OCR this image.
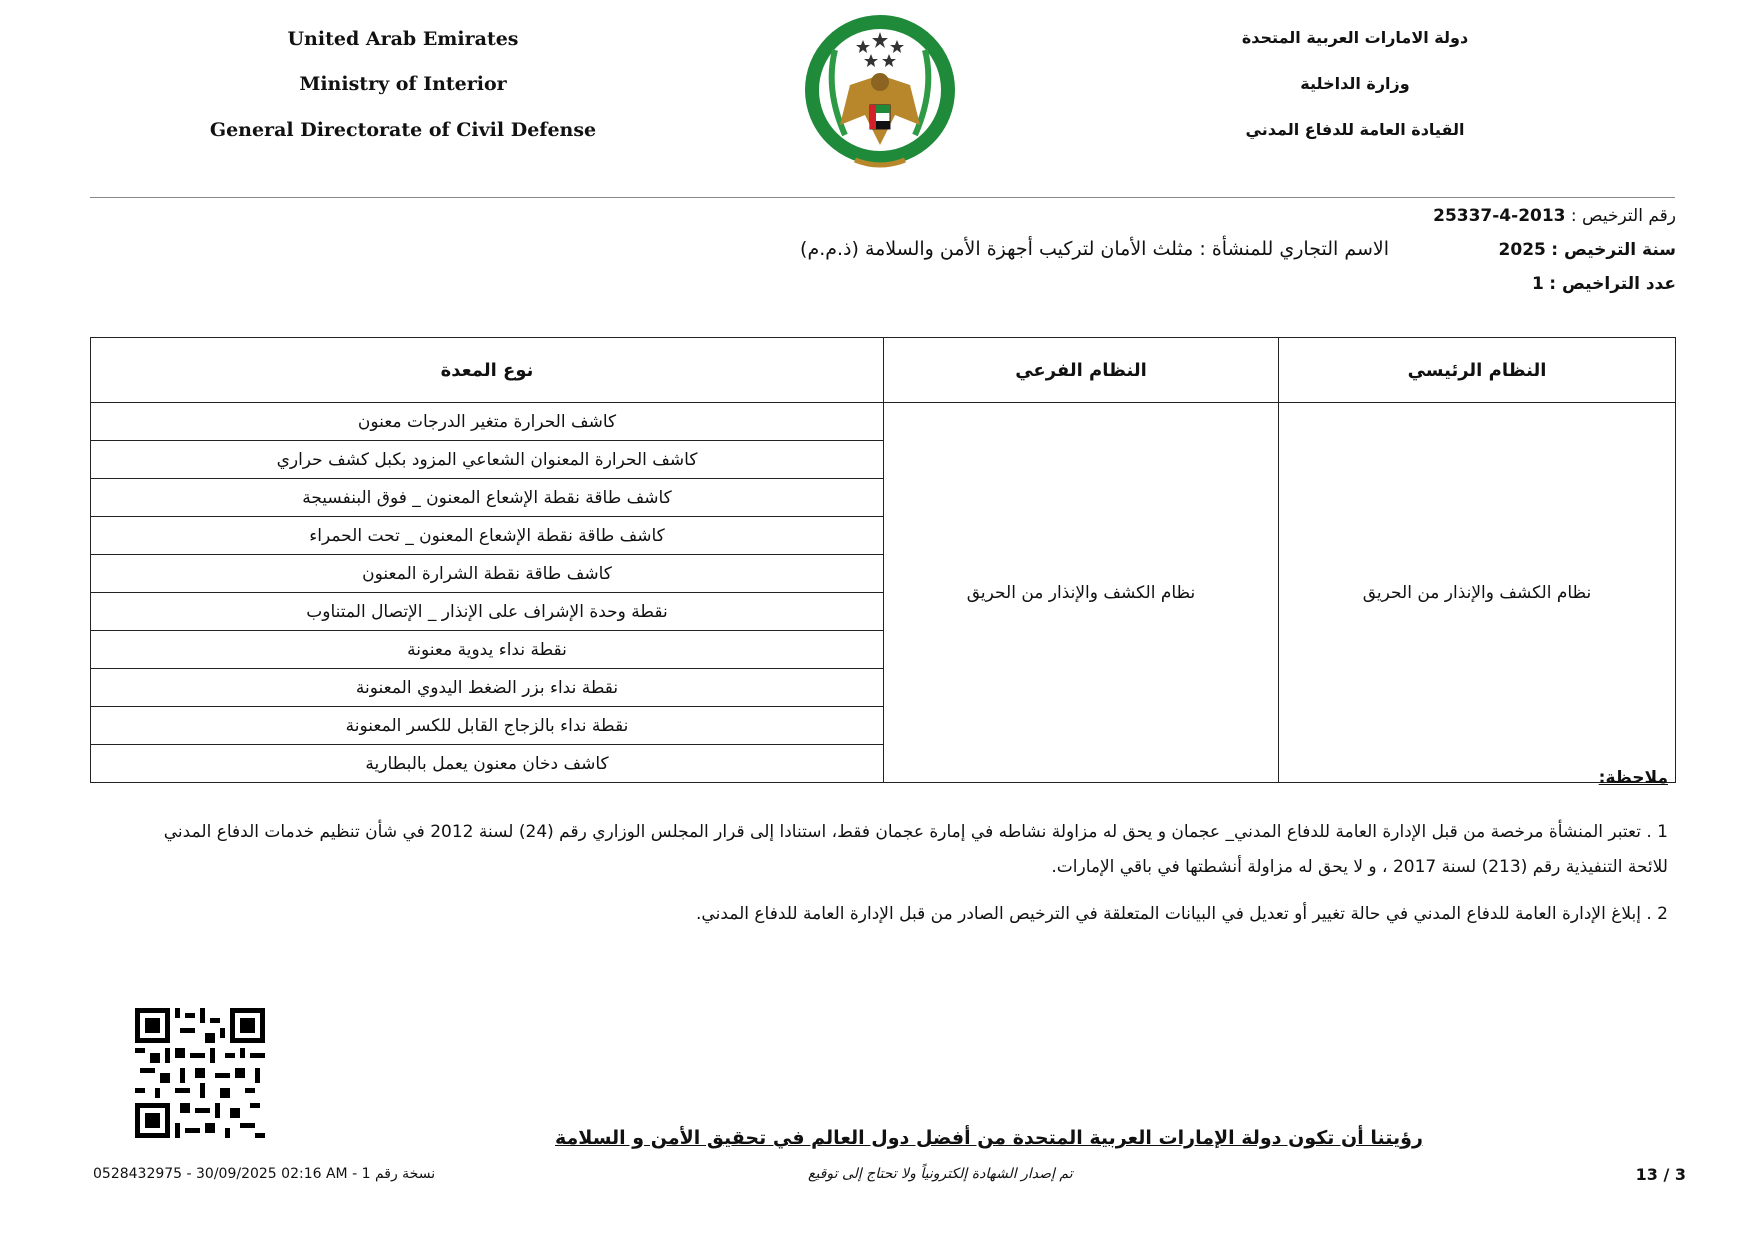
United Arab Emirates
Ministry of Interior
General Directorate of Civil Defense
دولة الامارات العربية المتحدة
وزارة الداخلية
القيادة العامة للدفاع المدني
رقم الترخيص : 25337-4-2013
سنة الترخيص : 2025
عدد التراخيص : 1
الاسم التجاري للمنشأة : مثلث الأمان لتركيب أجهزة الأمن والسلامة (ذ.م.م)
النظام الرئيسي	النظام الفرعي	نوع المعدة
نظام الكشف والإنذار من الحريق	نظام الكشف والإنذار من الحريق	كاشف الحرارة متغير الدرجات معنون
		كاشف الحرارة المعنوان الشعاعي المزود بكبل كشف حراري
		كاشف طاقة نقطة الإشعاع المعنون _ فوق البنفسيجة
		كاشف طاقة نقطة الإشعاع المعنون _ تحت الحمراء
		كاشف طاقة نقطة الشرارة المعنون
		نقطة وحدة الإشراف على الإنذار _ الإتصال المتناوب
		نقطة نداء يدوية معنونة
		نقطة نداء بزر الضغط اليدوي المعنونة
		نقطة نداء بالزجاج القابل للكسر المعنونة
		كاشف دخان معنون يعمل بالبطارية
ملاحظة:
1 . تعتبر المنشأة مرخصة من قبل الإدارة العامة للدفاع المدني_ عجمان و يحق له مزاولة نشاطه في إمارة عجمان فقط، استنادا إلى قرار المجلس الوزاري رقم (24) لسنة 2012 في شأن تنظيم خدمات الدفاع المدني للائحة التنفيذية رقم (213) لسنة 2017 ، و لا يحق له مزاولة أنشطتها في باقي الإمارات.
2 . إبلاغ الإدارة العامة للدفاع المدني في حالة تغيير أو تعديل في البيانات المتعلقة في الترخيص الصادر من قبل الإدارة العامة للدفاع المدني.
رؤيتنا أن تكون دولة الإمارات العربية المتحدة من أفضل دول العالم في تحقيق الأمن و السلامة
0528432975 - 30/09/2025 02:16 AM - 1 نسخة رقم	تم إصدار الشهادة إلكترونياً ولا تحتاج إلى توقيع	13 / 3
